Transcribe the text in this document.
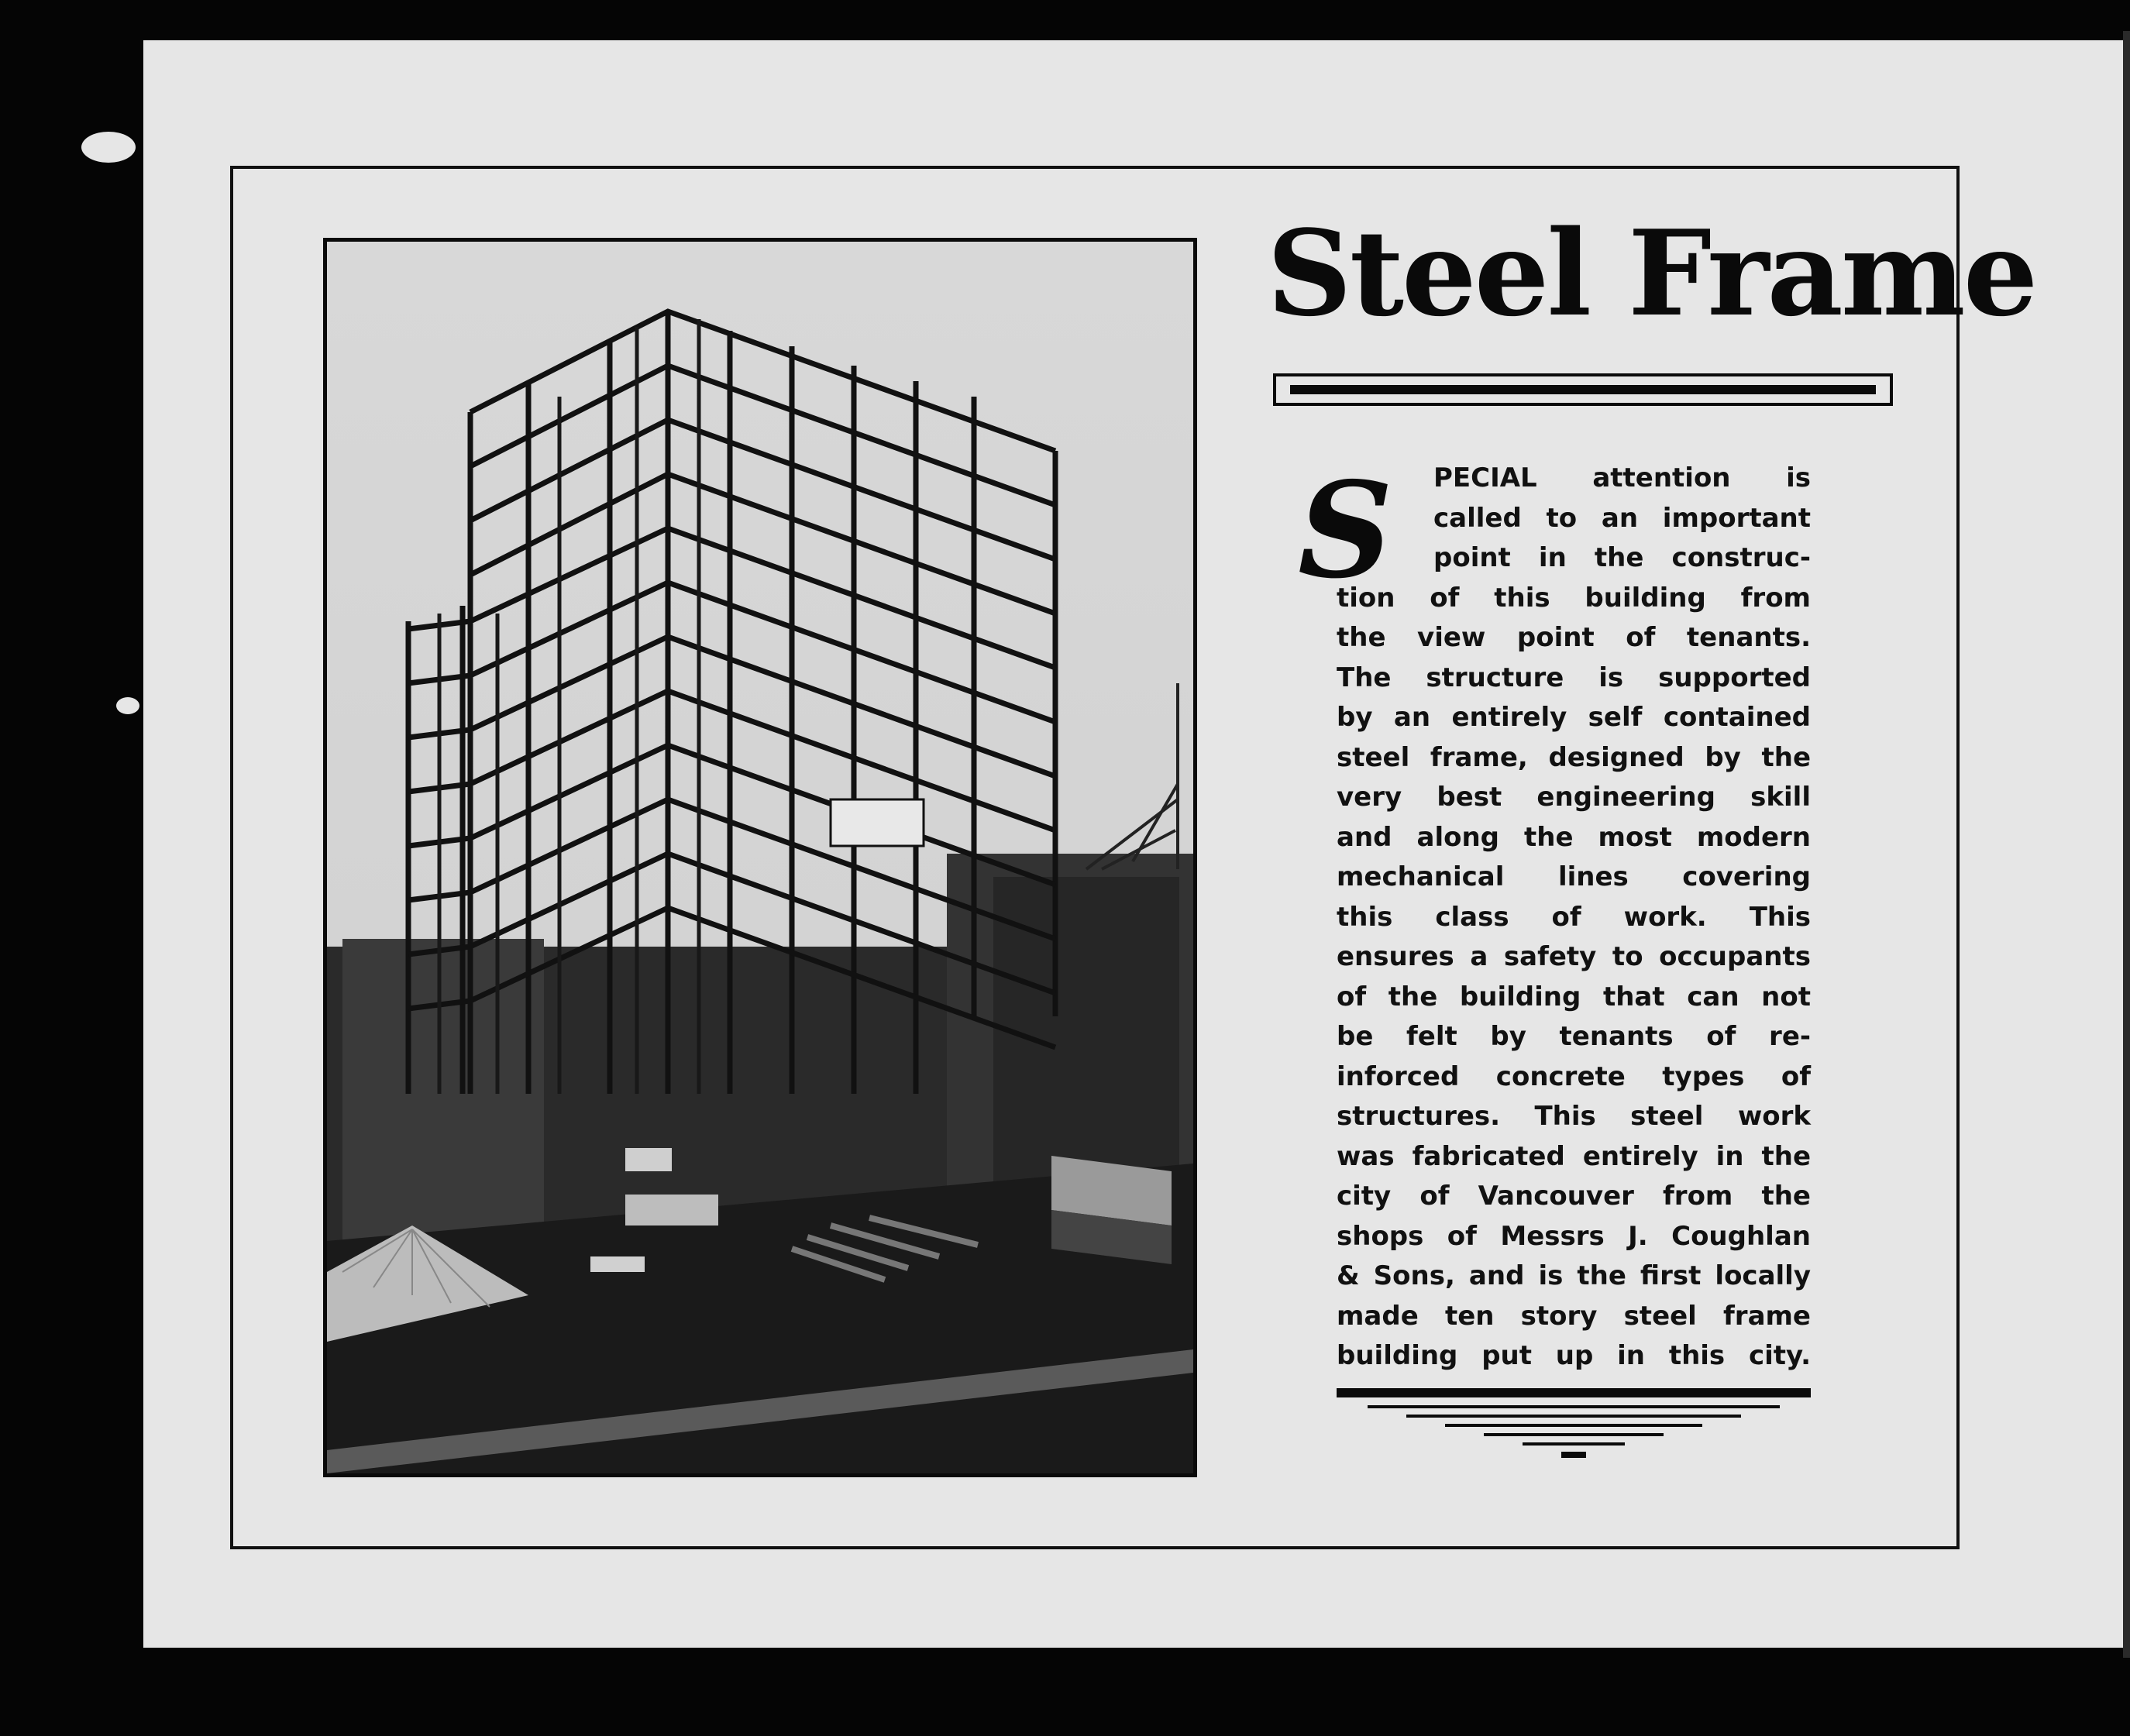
Steel Frame
S	PECIAL attention is
called to an important
point in the construc-
tion of this building from
the view point of tenants.
The structure is supported
by an entirely self contained
steel frame, designed by the
very best engineering skill
and along the most modern
mechanical lines covering
this class of work. This
ensures a safety to occupants
of the building that can not
be felt by tenants of re-
inforced concrete types of
structures. This steel work
was fabricated entirely in the
city of Vancouver from the
shops of Messrs J. Coughlan
& Sons, and is the first locally
made ten story steel frame
building put up in this city.
